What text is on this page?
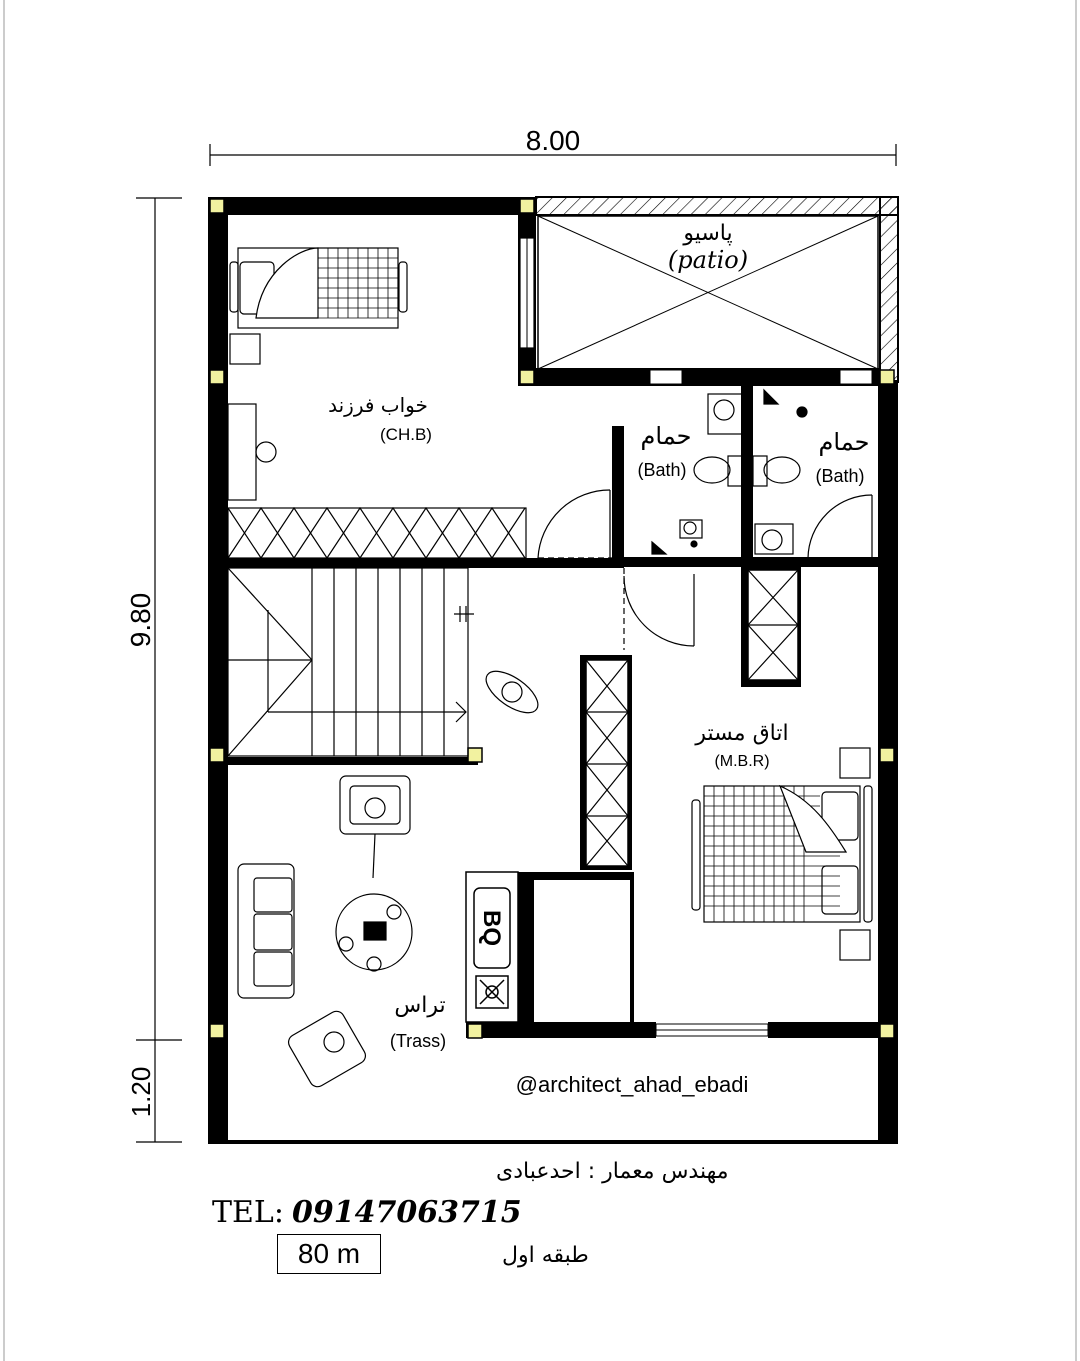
8.00
9.80
1.20
پاسیو
(patio)
BQ
خواب فرزند
(CH.B)	حمام
(Bath)
حمام
(Bath)
اتاق مستر
(M.B.R)
تراس
(Trass)
@architect_ahad_ebadi
مهندس معمار : احدعبادی
TEL: 09147063715
طبقه اول
80 m
